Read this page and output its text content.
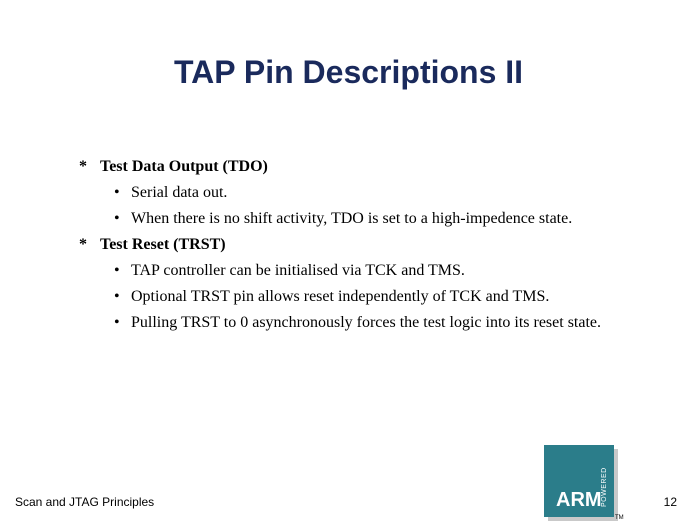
TAP Pin Descriptions II
* Test Data Output (TDO)
• Serial data out.
• When there is no shift activity, TDO is set to a high-impedence state.
* Test Reset (TRST)
• TAP controller can be initialised via TCK and TMS.
• Optional TRST pin allows reset independently of TCK and TMS.
• Pulling TRST to 0 asynchronously forces the test logic into its reset state.
Scan and JTAG Principles	12
ARM POWERED
TM
